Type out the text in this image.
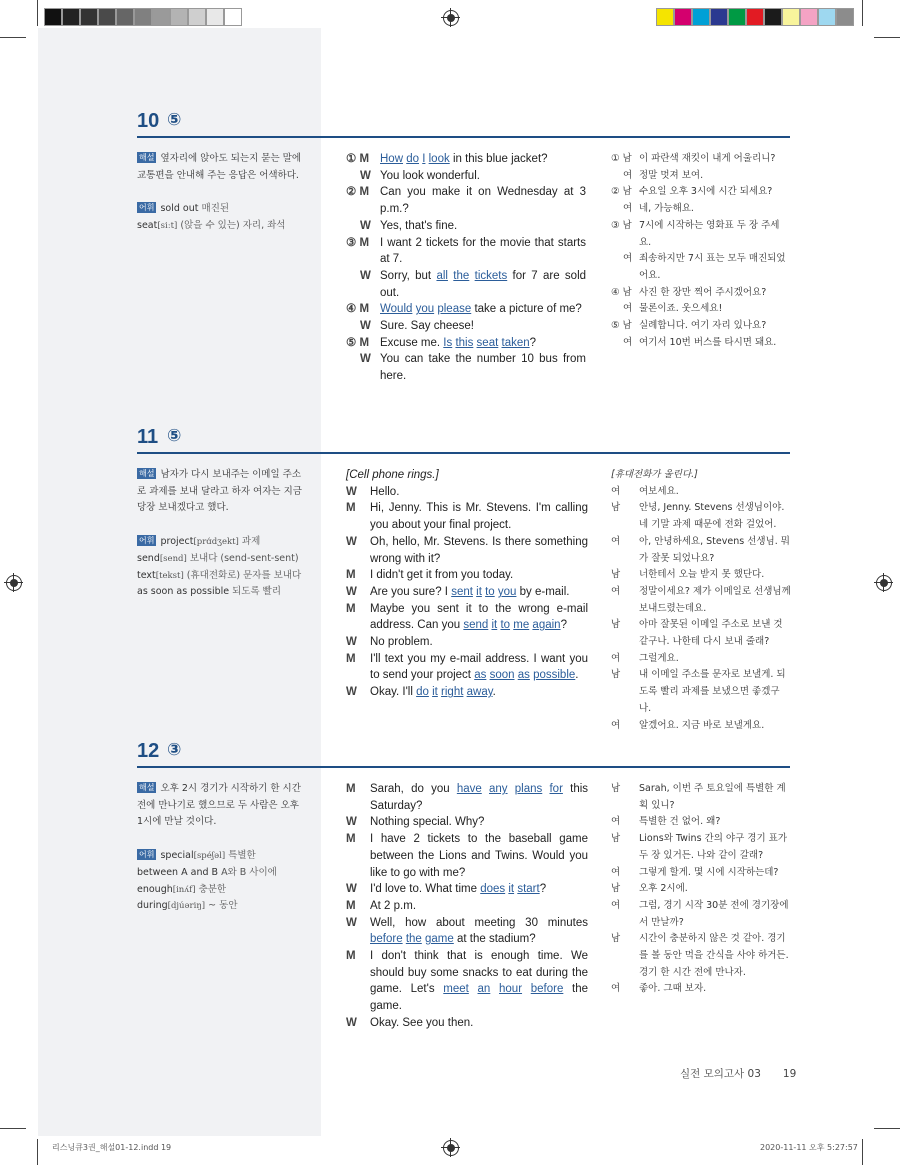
10 ⑤
해설 옆자리에 앉아도 되는지 묻는 말에 교통편을 안내해 주는 응답은 어색하다.
어휘 sold out 매진된
seat[siːt] (앉을 수 있는) 자리, 좌석
① M How do I look in this blue jacket?
W You look wonderful.
② M Can you make it on Wednesday at 3 p.m.?
W Yes, that's fine.
③ M I want 2 tickets for the movie that starts at 7.
W Sorry, but all the tickets for 7 are sold out.
④ M Would you please take a picture of me?
W Sure. Say cheese!
⑤ M Excuse me. Is this seat taken?
W You can take the number 10 bus from here.
① 남 이 파란색 재킷이 내게 어울리니?
여 정말 멋져 보여.
② 남 수요일 오후 3시에 시간 되세요?
여 네, 가능해요.
③ 남 7시에 시작하는 영화표 두 장 주세요.
여 죄송하지만 7시 표는 모두 매진되었어요.
④ 남 사진 한 장만 찍어 주시겠어요?
여 물론이죠. 웃으세요!
⑤ 남 실례합니다. 여기 자리 있나요?
여 여기서 10번 버스를 타시면 돼요.
11 ⑤
해설 남자가 다시 보내주는 이메일 주소로 과제를 보내 달라고 하자 여자는 지금 당장 보내겠다고 했다.
어휘 project[prɑ́dʒekt] 과제
send[send] 보내다 (send-sent-sent)
text[tekst] (휴대전화로) 문자를 보내다
as soon as possible 되도록 빨리
[Cell phone rings.]
W Hello.
M Hi, Jenny. This is Mr. Stevens. I'm calling you about your final project.
W Oh, hello, Mr. Stevens. Is there something wrong with it?
M I didn't get it from you today.
W Are you sure? I sent it to you by e-mail.
M Maybe you sent it to the wrong e-mail address. Can you send it to me again?
W No problem.
M I'll text you my e-mail address. I want you to send your project as soon as possible.
W Okay. I'll do it right away.
[휴대전화가 울린다.]
여 여보세요.
남 안녕, Jenny. Stevens 선생님이야. 네 기말 과제 때문에 전화 걸었어.
여 아, 안녕하세요, Stevens 선생님. 뭐가 잘못 되었나요?
남 너한테서 오늘 받지 못 했단다.
여 정말이세요? 제가 이메일로 선생님께 보내드렸는데요.
남 아마 잘못된 이메일 주소로 보낸 것 같구나. 나한테 다시 보내 줄래?
여 그럴게요.
남 내 이메일 주소를 문자로 보낼게. 되도록 빨리 과제를 보냈으면 좋겠구나.
여 알겠어요. 지금 바로 보낼게요.
12 ③
해설 오후 2시 경기가 시작하기 한 시간 전에 만나기로 했으므로 두 사람은 오후 1시에 만날 것이다.
어휘 special[spéʃəl] 특별한
between A and B A와 B 사이에
enough[inʌ́f] 충분한
during[djúəriŋ] ~ 동안
M Sarah, do you have any plans for this Saturday?
W Nothing special. Why?
M I have 2 tickets to the baseball game between the Lions and Twins. Would you like to go with me?
W I'd love to. What time does it start?
M At 2 p.m.
W Well, how about meeting 30 minutes before the game at the stadium?
M I don't think that is enough time. We should buy some snacks to eat during the game. Let's meet an hour before the game.
W Okay. See you then.
남 Sarah, 이번 주 토요일에 특별한 계획 있니?
여 특별한 건 없어. 왜?
남 Lions와 Twins 간의 야구 경기 표가 두 장 있거든. 나와 같이 갈래?
여 그렇게 할게. 몇 시에 시작하는데?
남 오후 2시에.
여 그럼, 경기 시작 30분 전에 경기장에서 만날까?
남 시간이 충분하지 않은 것 같아. 경기를 볼 동안 먹을 간식을 사야 하거든. 경기 한 시간 전에 만나자.
여 좋아. 그때 보자.
실전 모의고사 03 19
리스닝큐3권_해설01-12.indd 19	2020-11-11 오후 5:27:57
